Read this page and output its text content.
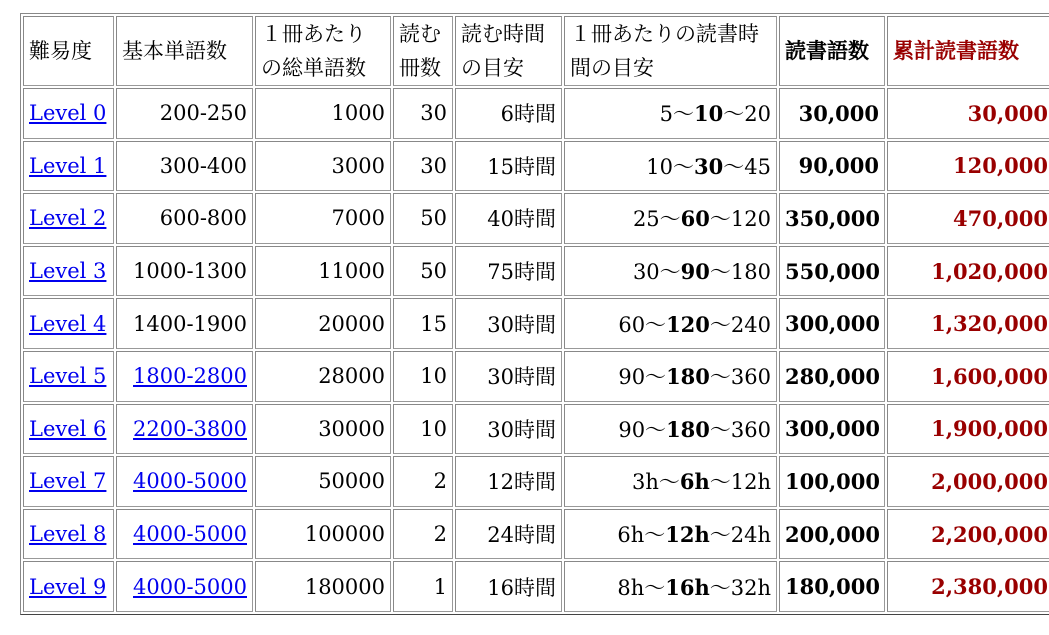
難易度	基本単語数	１冊あたりの総単語数	読む冊数	読む時間の目安	１冊あたりの読書時間の目安	読書語数	累計読書語数
Level 0	200-250	1000	30	6時間	5〜10〜20	30,000	30,000
Level 1	300-400	3000	30	15時間	10〜30〜45	90,000	120,000
Level 2	600-800	7000	50	40時間	25〜60〜120	350,000	470,000
Level 3	1000-1300	11000	50	75時間	30〜90〜180	550,000	1,020,000
Level 4	1400-1900	20000	15	30時間	60〜120〜240	300,000	1,320,000
Level 5	1800-2800	28000	10	30時間	90〜180〜360	280,000	1,600,000
Level 6	2200-3800	30000	10	30時間	90〜180〜360	300,000	1,900,000
Level 7	4000-5000	50000	2	12時間	3h〜6h〜12h	100,000	2,000,000
Level 8	4000-5000	100000	2	24時間	6h〜12h〜24h	200,000	2,200,000
Level 9	4000-5000	180000	1	16時間	8h〜16h〜32h	180,000	2,380,000
